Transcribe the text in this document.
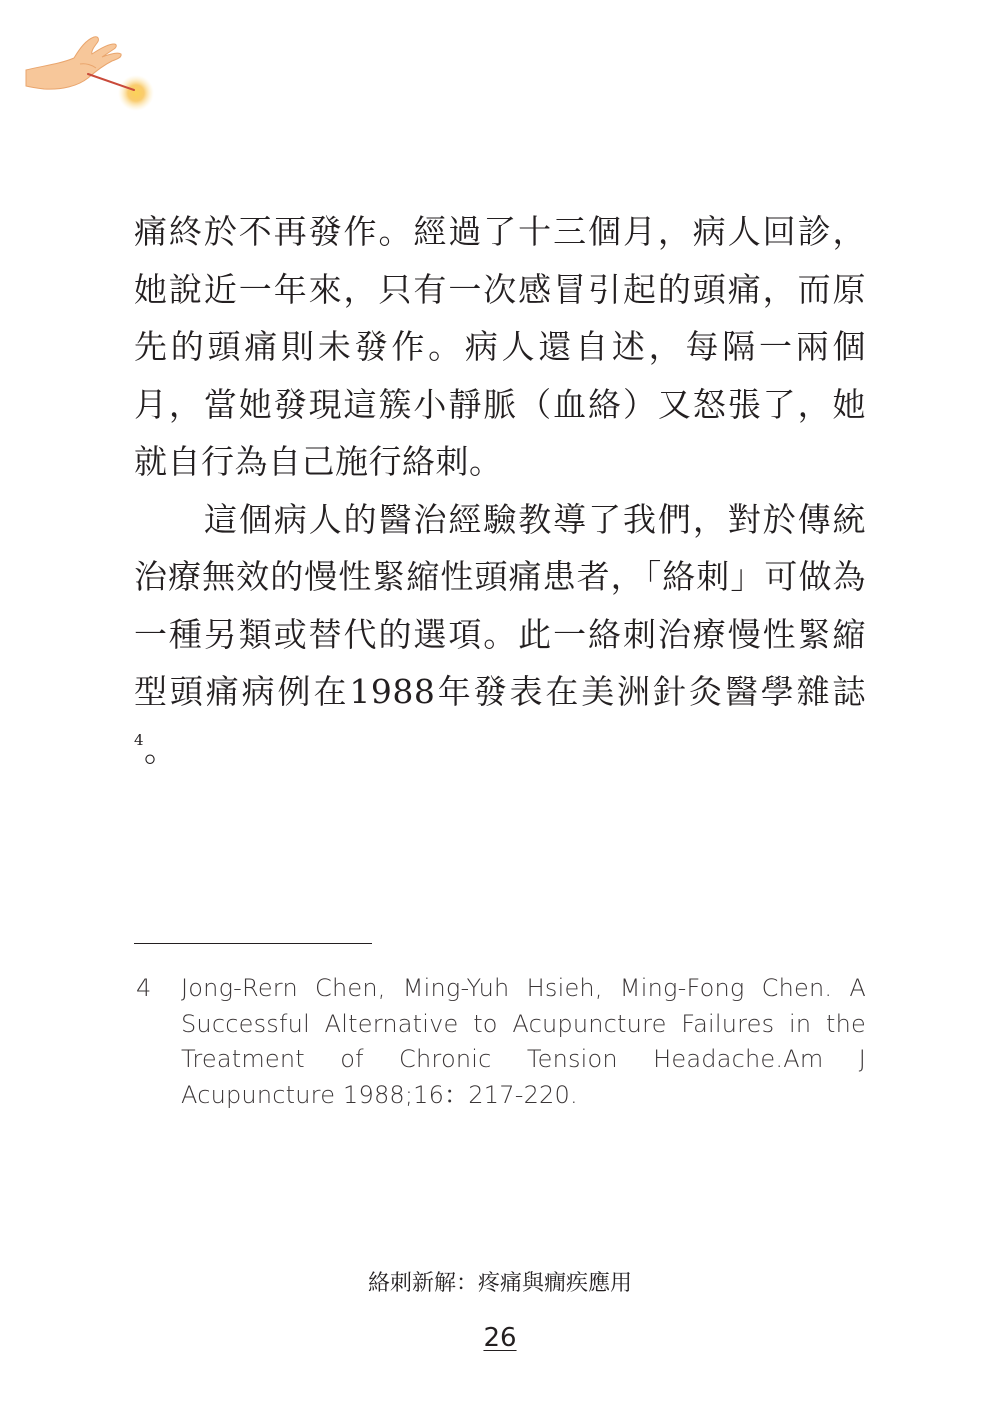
痛終於不再發作。經過了十三個月，病人回診，她說近一年來，只有一次感冒引起的頭痛，而原先的頭痛則未發作。病人還自述，每隔一兩個月，當她發現這簇小靜脈（血絡）又怒張了，她就自行為自己施行絡刺。

這個病人的醫治經驗教導了我們，對於傳統治療無效的慢性緊縮性頭痛患者，「絡刺」可做為一種另類或替代的選項。此一絡刺治療慢性緊縮型頭痛病例在1988年發表在美洲針灸醫學雜誌$^4$。

4 Jong-Rern Chen, Ming-Yuh Hsieh, Ming-Fong Chen. A Successful Alternative to Acupuncture Failures in the Treatment of Chronic Tension Headache.Am J Acupuncture 1988;16：217-220.
絡刺新解：疼痛與癇疾應用
26
